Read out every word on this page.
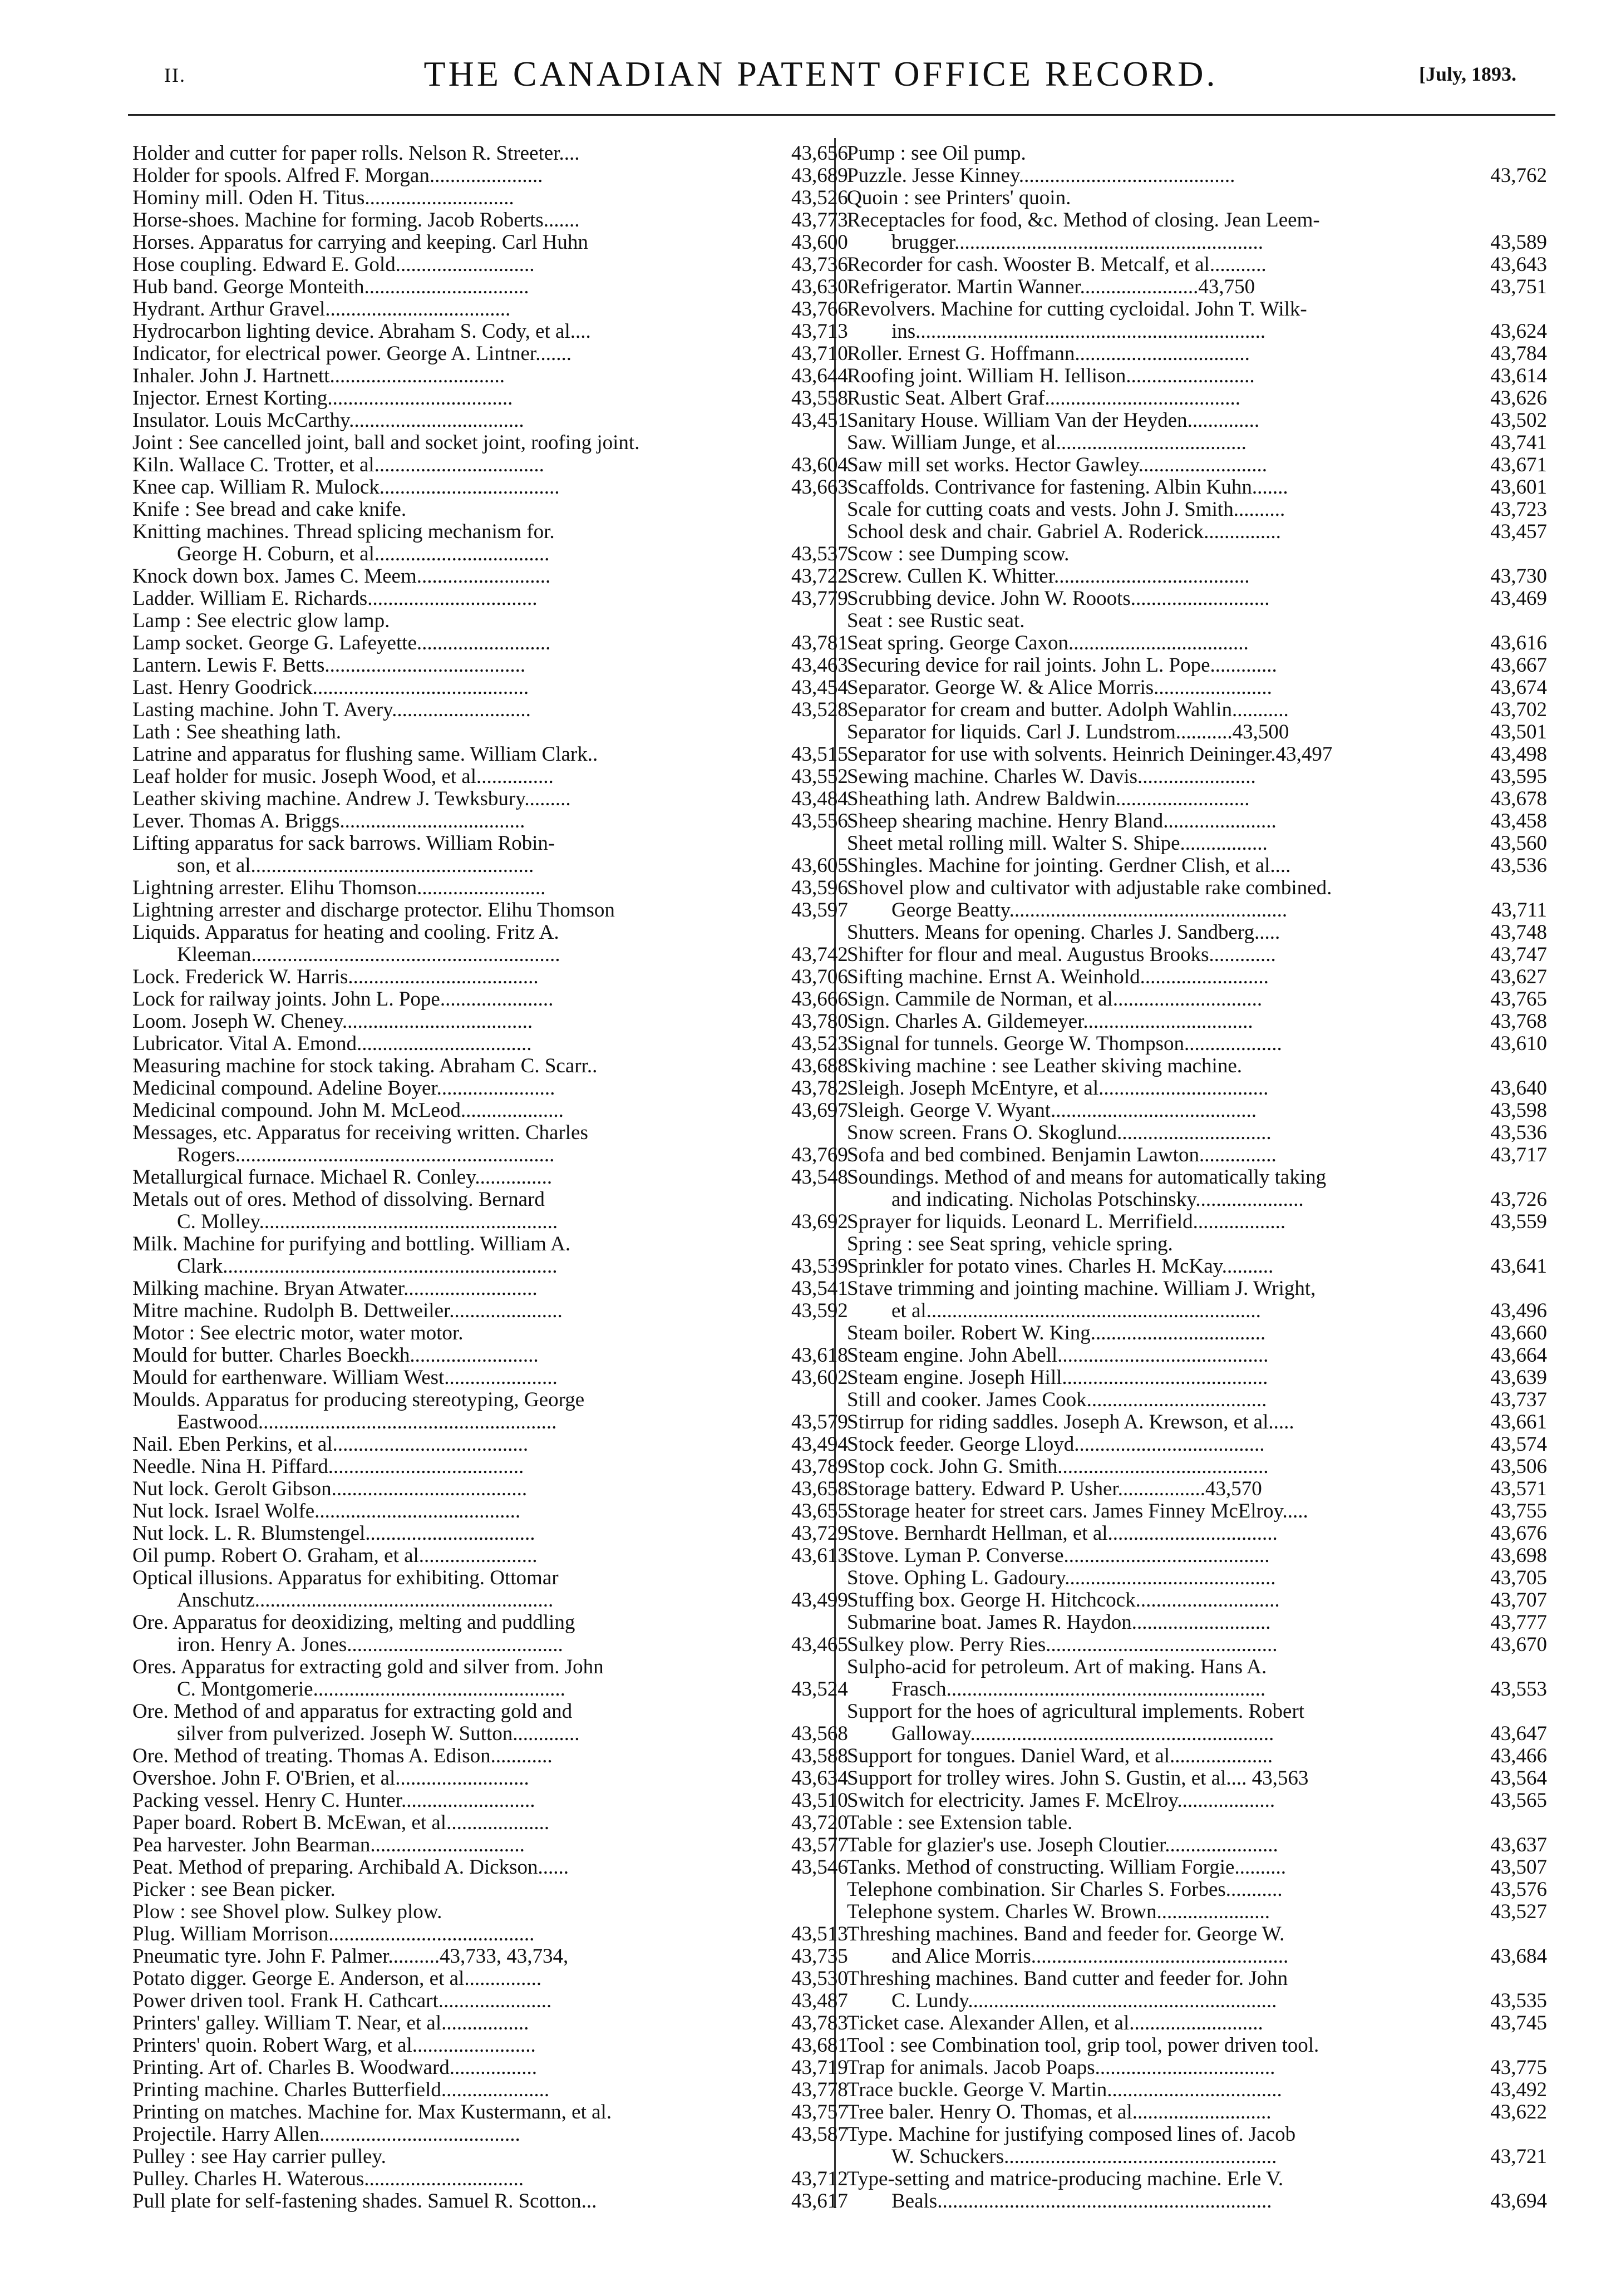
II.	THE CANADIAN PATENT OFFICE RECORD.	[July, 1893.
Holder and cutter for paper rolls. Nelson R. Streeter....	43,656
Holder for spools. Alfred F. Morgan......................	43,689
Hominy mill. Oden H. Titus.............................	43,526
Horse-shoes. Machine for forming. Jacob Roberts.......	43,773
Horses. Apparatus for carrying and keeping. Carl Huhn	43,600
Hose coupling. Edward E. Gold...........................	43,736
Hub band. George Monteith................................	43,630
Hydrant. Arthur Gravel....................................	43,766
Hydrocarbon lighting device. Abraham S. Cody, et al....	43,713
Indicator, for electrical power. George A. Lintner.......	43,710
Inhaler. John J. Hartnett..................................	43,644
Injector. Ernest Korting....................................	43,558
Insulator. Louis McCarthy..................................	43,451
Joint : See cancelled joint, ball and socket joint, roofing joint.
Kiln. Wallace C. Trotter, et al.................................	43,604
Knee cap. William R. Mulock...................................	43,663
Knife : See bread and cake knife.
Knitting machines. Thread splicing mechanism for.
George H. Coburn, et al..................................	43,537
Knock down box. James C. Meem..........................	43,722
Ladder. William E. Richards.................................	43,779
Lamp : See electric glow lamp.
Lamp socket. George G. Lafeyette..........................	43,781
Lantern. Lewis F. Betts.......................................	43,463
Last. Henry Goodrick..........................................	43,454
Lasting machine. John T. Avery...........................	43,528
Lath : See sheathing lath.
Latrine and apparatus for flushing same. William Clark..	43,515
Leaf holder for music. Joseph Wood, et al...............	43,552
Leather skiving machine. Andrew J. Tewksbury.........	43,484
Lever. Thomas A. Briggs....................................	43,556
Lifting apparatus for sack barrows. William Robin-
son, et al.......................................................	43,605
Lightning arrester. Elihu Thomson.........................	43,596
Lightning arrester and discharge protector. Elihu Thomson	43,597
Liquids. Apparatus for heating and cooling. Fritz A.
Kleeman............................................................	43,742
Lock. Frederick W. Harris.....................................	43,706
Lock for railway joints. John L. Pope......................	43,666
Loom. Joseph W. Cheney.....................................	43,780
Lubricator. Vital A. Emond..................................	43,523
Measuring machine for stock taking. Abraham C. Scarr..	43,688
Medicinal compound. Adeline Boyer.......................	43,782
Medicinal compound. John M. McLeod....................	43,697
Messages, etc. Apparatus for receiving written. Charles
Rogers..............................................................	43,769
Metallurgical furnace. Michael R. Conley...............	43,548
Metals out of ores. Method of dissolving. Bernard
C. Molley..........................................................	43,692
Milk. Machine for purifying and bottling. William A.
Clark.................................................................	43,539
Milking machine. Bryan Atwater..........................	43,541
Mitre machine. Rudolph B. Dettweiler......................	43,592
Motor : See electric motor, water motor.
Mould for butter. Charles Boeckh.........................	43,618
Mould for earthenware. William West......................	43,602
Moulds. Apparatus for producing stereotyping, George
Eastwood..........................................................	43,579
Nail. Eben Perkins, et al......................................	43,494
Needle. Nina H. Piffard......................................	43,789
Nut lock. Gerolt Gibson......................................	43,658
Nut lock. Israel Wolfe........................................	43,655
Nut lock. L. R. Blumstengel.................................	43,729
Oil pump. Robert O. Graham, et al.......................	43,613
Optical illusions. Apparatus for exhibiting. Ottomar
Anschutz..........................................................	43,499
Ore. Apparatus for deoxidizing, melting and puddling
iron. Henry A. Jones..........................................	43,465
Ores. Apparatus for extracting gold and silver from. John
C. Montgomerie.................................................	43,524
Ore. Method of and apparatus for extracting gold and
silver from pulverized. Joseph W. Sutton.............	43,568
Ore. Method of treating. Thomas A. Edison............	43,588
Overshoe. John F. O'Brien, et al..........................	43,634
Packing vessel. Henry C. Hunter..........................	43,510
Paper board. Robert B. McEwan, et al....................	43,720
Pea harvester. John Bearman..............................	43,577
Peat. Method of preparing. Archibald A. Dickson......	43,546
Picker : see Bean picker.
Plow : see Shovel plow. Sulkey plow.
Plug. William Morrison........................................	43,513
Pneumatic tyre. John F. Palmer..........43,733, 43,734,	43,735
Potato digger. George E. Anderson, et al...............	43,530
Power driven tool. Frank H. Cathcart......................	43,487
Printers' galley. William T. Near, et al.................	43,783
Printers' quoin. Robert Warg, et al........................	43,681
Printing. Art of. Charles B. Woodward.................	43,719
Printing machine. Charles Butterfield.....................	43,778
Printing on matches. Machine for. Max Kustermann, et al.	43,757
Projectile. Harry Allen.......................................	43,587
Pulley : see Hay carrier pulley.
Pulley. Charles H. Waterous...............................	43,712
Pull plate for self-fastening shades. Samuel R. Scotton...	43,617
Pump : see Oil pump.
Puzzle. Jesse Kinney..........................................	43,762
Quoin : see Printers' quoin.
Receptacles for food, &c. Method of closing. Jean Leem-
brugger............................................................	43,589
Recorder for cash. Wooster B. Metcalf, et al...........	43,643
Refrigerator. Martin Wanner.......................43,750	43,751
Revolvers. Machine for cutting cycloidal. John T. Wilk-
ins....................................................................	43,624
Roller. Ernest G. Hoffmann..................................	43,784
Roofing joint. William H. Iellison.........................	43,614
Rustic Seat. Albert Graf......................................	43,626
Sanitary House. William Van der Heyden..............	43,502
Saw. William Junge, et al.....................................	43,741
Saw mill set works. Hector Gawley.........................	43,671
Scaffolds. Contrivance for fastening. Albin Kuhn.......	43,601
Scale for cutting coats and vests. John J. Smith..........	43,723
School desk and chair. Gabriel A. Roderick...............	43,457
Scow : see Dumping scow.
Screw. Cullen K. Whitter......................................	43,730
Scrubbing device. John W. Rooots...........................	43,469
Seat : see Rustic seat.
Seat spring. George Caxon...................................	43,616
Securing device for rail joints. John L. Pope.............	43,667
Separator. George W. & Alice Morris.......................	43,674
Separator for cream and butter. Adolph Wahlin...........	43,702
Separator for liquids. Carl J. Lundstrom...........43,500	43,501
Separator for use with solvents. Heinrich Deininger.43,497	43,498
Sewing machine. Charles W. Davis.......................	43,595
Sheathing lath. Andrew Baldwin..........................	43,678
Sheep shearing machine. Henry Bland......................	43,458
Sheet metal rolling mill. Walter S. Shipe.................	43,560
Shingles. Machine for jointing. Gerdner Clish, et al....	43,536
Shovel plow and cultivator with adjustable rake combined.
George Beatty......................................................	43,711
Shutters. Means for opening. Charles J. Sandberg.....	43,748
Shifter for flour and meal. Augustus Brooks.............	43,747
Sifting machine. Ernst A. Weinhold.........................	43,627
Sign. Cammile de Norman, et al.............................	43,765
Sign. Charles A. Gildemeyer.................................	43,768
Signal for tunnels. George W. Thompson...................	43,610
Skiving machine : see Leather skiving machine.
Sleigh. Joseph McEntyre, et al.................................	43,640
Sleigh. George V. Wyant........................................	43,598
Snow screen. Frans O. Skoglund..............................	43,536
Sofa and bed combined. Benjamin Lawton...............	43,717
Soundings. Method of and means for automatically taking
and indicating. Nicholas Potschinsky.....................	43,726
Sprayer for liquids. Leonard L. Merrifield..................	43,559
Spring : see Seat spring, vehicle spring.
Sprinkler for potato vines. Charles H. McKay..........	43,641
Stave trimming and jointing machine. William J. Wright,
et al.................................................................	43,496
Steam boiler. Robert W. King..................................	43,660
Steam engine. John Abell.........................................	43,664
Steam engine. Joseph Hill........................................	43,639
Still and cooker. James Cook...................................	43,737
Stirrup for riding saddles. Joseph A. Krewson, et al.....	43,661
Stock feeder. George Lloyd.....................................	43,574
Stop cock. John G. Smith.........................................	43,506
Storage battery. Edward P. Usher.................43,570	43,571
Storage heater for street cars. James Finney McElroy.....	43,755
Stove. Bernhardt Hellman, et al.................................	43,676
Stove. Lyman P. Converse........................................	43,698
Stove. Ophing L. Gadoury.........................................	43,705
Stuffing box. George H. Hitchcock............................	43,707
Submarine boat. James R. Haydon...........................	43,777
Sulkey plow. Perry Ries.............................................	43,670
Sulpho-acid for petroleum. Art of making. Hans A.
Frasch..............................................................	43,553
Support for the hoes of agricultural implements. Robert
Galloway...........................................................	43,647
Support for tongues. Daniel Ward, et al....................	43,466
Support for trolley wires. John S. Gustin, et al.... 43,563	43,564
Switch for electricity. James F. McElroy...................	43,565
Table : see Extension table.
Table for glazier's use. Joseph Cloutier......................	43,637
Tanks. Method of constructing. William Forgie..........	43,507
Telephone combination. Sir Charles S. Forbes...........	43,576
Telephone system. Charles W. Brown......................	43,527
Threshing machines. Band and feeder for. George W.
and Alice Morris..................................................	43,684
Threshing machines. Band cutter and feeder for. John
C. Lundy............................................................	43,535
Ticket case. Alexander Allen, et al..........................	43,745
Tool : see Combination tool, grip tool, power driven tool.
Trap for animals. Jacob Poaps...................................	43,775
Trace buckle. George V. Martin..................................	43,492
Tree baler. Henry O. Thomas, et al...........................	43,622
Type. Machine for justifying composed lines of. Jacob
W. Schuckers.....................................................	43,721
Type-setting and matrice-producing machine. Erle V.
Beals.................................................................	43,694
